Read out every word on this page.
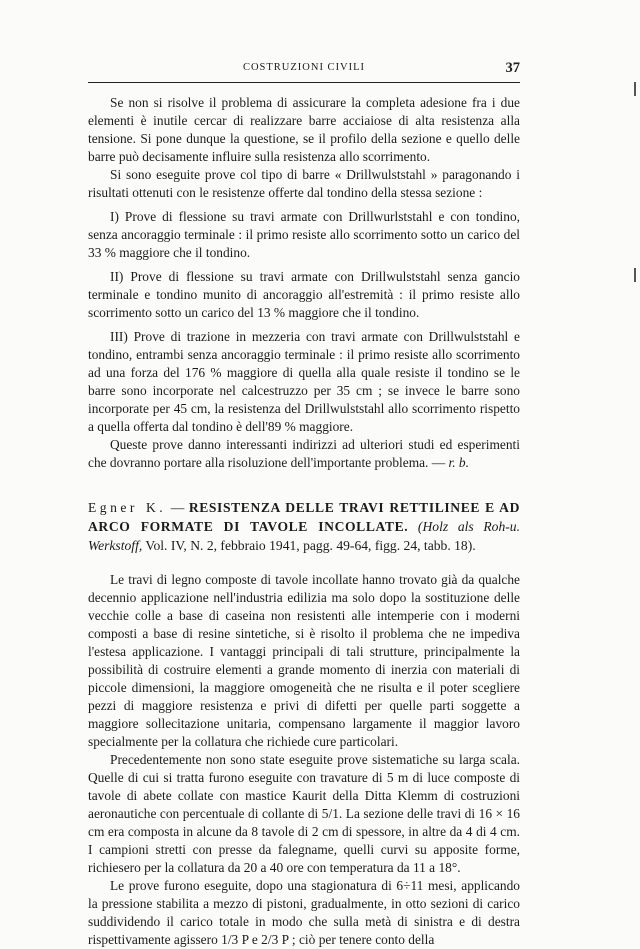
COSTRUZIONI CIVILI	37

Se non si risolve il problema di assicurare la completa adesione fra i due elementi è inutile cercar di realizzare barre acciaiose di alta resistenza alla tensione. Si pone dunque la questione, se il profilo della sezione e quello delle barre può decisamente influire sulla resistenza allo scorrimento.

Si sono eseguite prove col tipo di barre « Drillwulststahl » paragonando i risultati ottenuti con le resistenze offerte dal tondino della stessa sezione :

I) Prove di flessione su travi armate con Drillwurlststahl e con tondino, senza ancoraggio terminale : il primo resiste allo scorrimento sotto un carico del 33 % maggiore che il tondino.

II) Prove di flessione su travi armate con Drillwulststahl senza gancio terminale e tondino munito di ancoraggio all'estremità : il primo resiste allo scorrimento sotto un carico del 13 % maggiore che il tondino.

III) Prove di trazione in mezzeria con travi armate con Drillwulststahl e tondino, entrambi senza ancoraggio terminale : il primo resiste allo scorrimento ad una forza del 176 % maggiore di quella alla quale resiste il tondino se le barre sono incorporate nel calcestruzzo per 35 cm ; se invece le barre sono incorporate per 45 cm, la resistenza del Drillwulststahl allo scorrimento rispetto a quella offerta dal tondino è dell'89 % maggiore.

Queste prove danno interessanti indirizzi ad ulteriori studi ed esperimenti che dovranno portare alla risoluzione dell'importante problema. — r. b.

Egner K. — RESISTENZA DELLE TRAVI RETTILINEE E AD ARCO FORMATE DI TAVOLE INCOLLATE. (Holz als Roh-u. Werkstoff, Vol. IV, N. 2, febbraio 1941, pagg. 49-64, figg. 24, tabb. 18).

Le travi di legno composte di tavole incollate hanno trovato già da qualche decennio applicazione nell'industria edilizia ma solo dopo la sostituzione delle vecchie colle a base di caseina non resistenti alle intemperie con i moderni composti a base di resine sintetiche, si è risolto il problema che ne impediva l'estesa applicazione. I vantaggi principali di tali strutture, principalmente la possibilità di costruire elementi a grande momento di inerzia con materiali di piccole dimensioni, la maggiore omogeneità che ne risulta e il poter scegliere pezzi di maggiore resistenza e privi di difetti per quelle parti soggette a maggiore sollecitazione unitaria, compensano largamente il maggior lavoro specialmente per la collatura che richiede cure particolari.

Precedentemente non sono state eseguite prove sistematiche su larga scala. Quelle di cui si tratta furono eseguite con travature di 5 m di luce composte di tavole di abete collate con mastice Kaurit della Ditta Klemm di costruzioni aeronautiche con percentuale di collante di 5/1. La sezione delle travi di 16 × 16 cm era composta in alcune da 8 tavole di 2 cm di spessore, in altre da 4 di 4 cm. I campioni stretti con presse da falegname, quelli curvi su apposite forme, richiesero per la collatura da 20 a 40 ore con temperatura da 11 a 18°.

Le prove furono eseguite, dopo una stagionatura di 6÷11 mesi, applicando la pressione stabilita a mezzo di pistoni, gradualmente, in otto sezioni di carico suddividendo il carico totale in modo che sulla metà di sinistra e di destra rispettivamente agissero 1/3 P e 2/3 P ; ciò per tenere conto della
